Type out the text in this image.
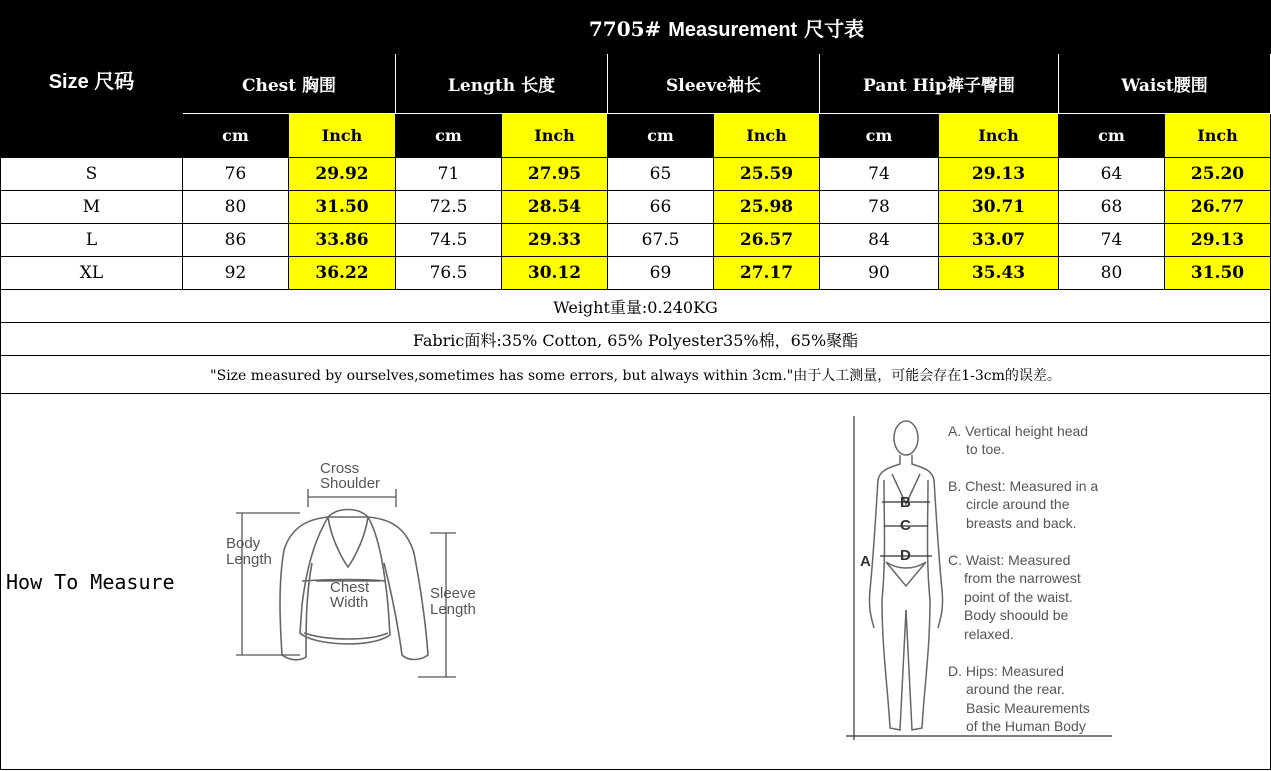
Size 尺码	7705# Measurement 尺寸表									
	Chest 胸围		Length 长度		Sleeve袖长		Pant Hip裤子臀围		Waist腰围	
	cm	Inch	cm	Inch	cm	Inch	cm	Inch	cm	Inch
S	76	29.92	71	27.95	65	25.59	74	29.13	64	25.20
M	80	31.50	72.5	28.54	66	25.98	78	30.71	68	26.77
L	86	33.86	74.5	29.33	67.5	26.57	84	33.07	74	29.13
XL	92	36.22	76.5	30.12	69	27.17	90	35.43	80	31.50
Weight重量:0.240KG										
Fabric面料:35% Cotton, 65% Polyester35%棉，65%聚酯										
"Size measured by ourselves,sometimes has some errors, but always within 3cm."由于人工测量，可能会存在1-3cm的误差。										
How To Measure
Cross
Shoulder
Body
Length
Chest
Width
Sleeve
Length
B
C
D
A
A. Vertical height head
to toe.
B. Chest: Measured in a
circle around the
breasts and back.
C. Waist: Measured
from the narrowest
point of the waist.
Body shoould be
relaxed.
D. Hips: Measured
around the rear.
Basic Meaurements
of the Human Body
